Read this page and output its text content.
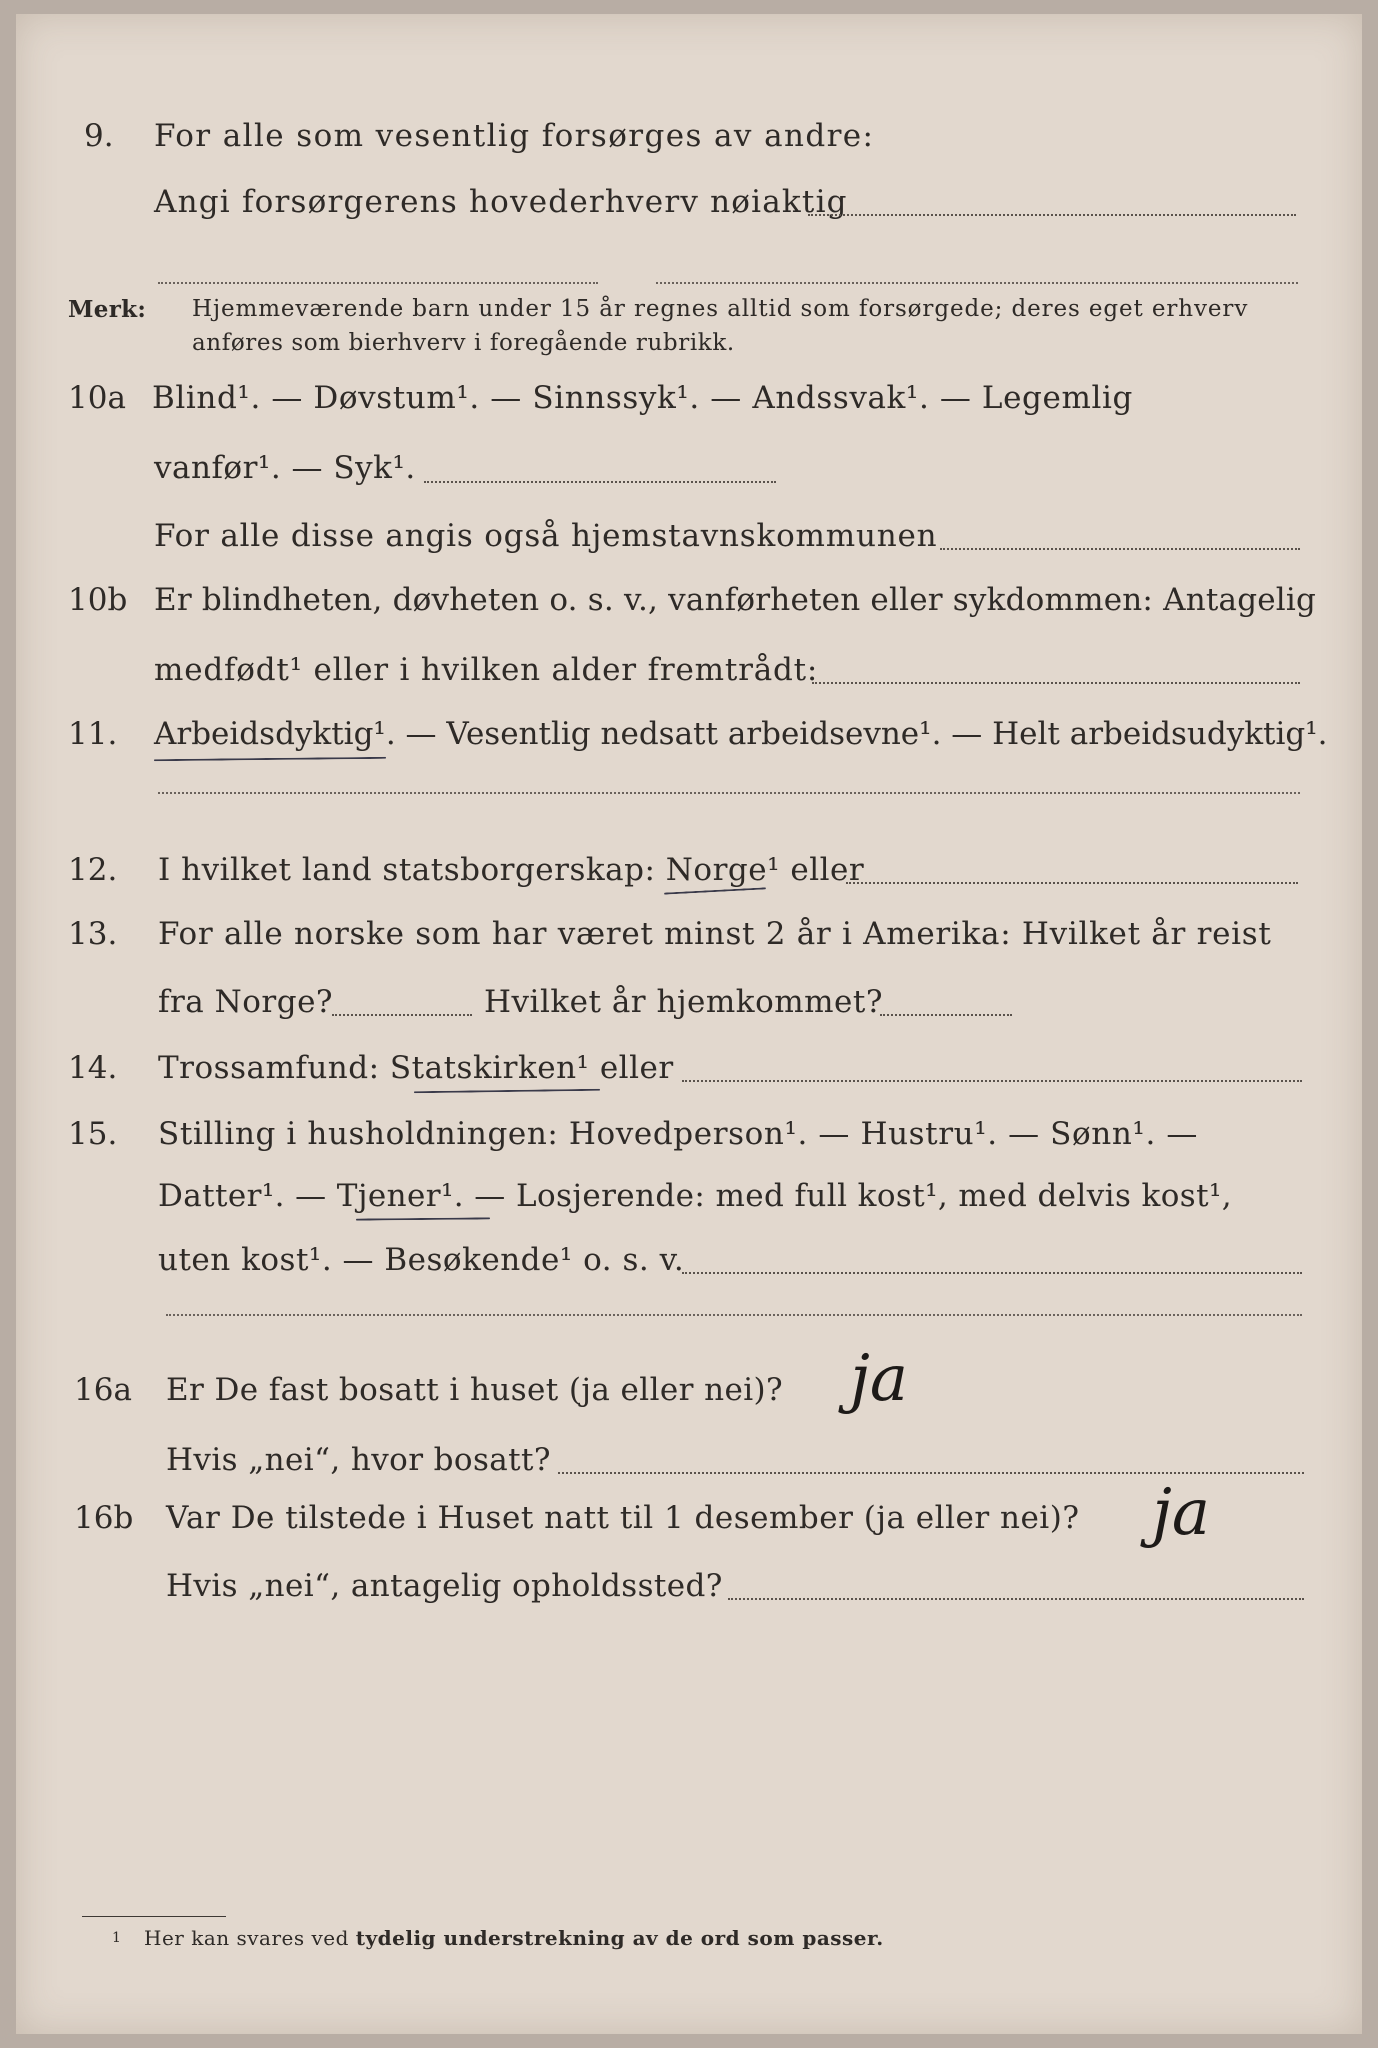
9. For alle som vesentlig forsørges av andre:
Angi forsørgerens hovederhverv nøiaktig
Merk: Hjemmeværende barn under 15 år regnes alltid som forsørgede; deres eget erhverv
anføres som bierhverv i foregående rubrikk.
10a Blind¹. — Døvstum¹. — Sinnssyk¹. — Andssvak¹. — Legemlig
vanfør¹. — Syk¹.
For alle disse angis også hjemstavnskommunen
10b Er blindheten, døvheten o. s. v., vanførheten eller sykdommen: Antagelig
medfødt¹ eller i hvilken alder fremtrådt:
11. Arbeidsdyktig¹. — Vesentlig nedsatt arbeidsevne¹. — Helt arbeidsudyktig¹.
12. I hvilket land statsborgerskap: Norge¹ eller
13. For alle norske som har været minst 2 år i Amerika: Hvilket år reist
fra Norge?	Hvilket år hjemkommet?
14. Trossamfund: Statskirken¹ eller
15. Stilling i husholdningen: Hovedperson¹. — Hustru¹. — Sønn¹. —
Datter¹. — Tjener¹. — Losjerende: med full kost¹, med delvis kost¹,
uten kost¹. — Besøkende¹ o. s. v.
16a Er De fast bosatt i huset (ja eller nei)? ja
Hvis „nei“, hvor bosatt?
16b Var De tilstede i Huset natt til 1 desember (ja eller nei)? ja
Hvis „nei“, antagelig opholdssted?
1 Her kan svares ved tydelig understrekning av de ord som passer.
